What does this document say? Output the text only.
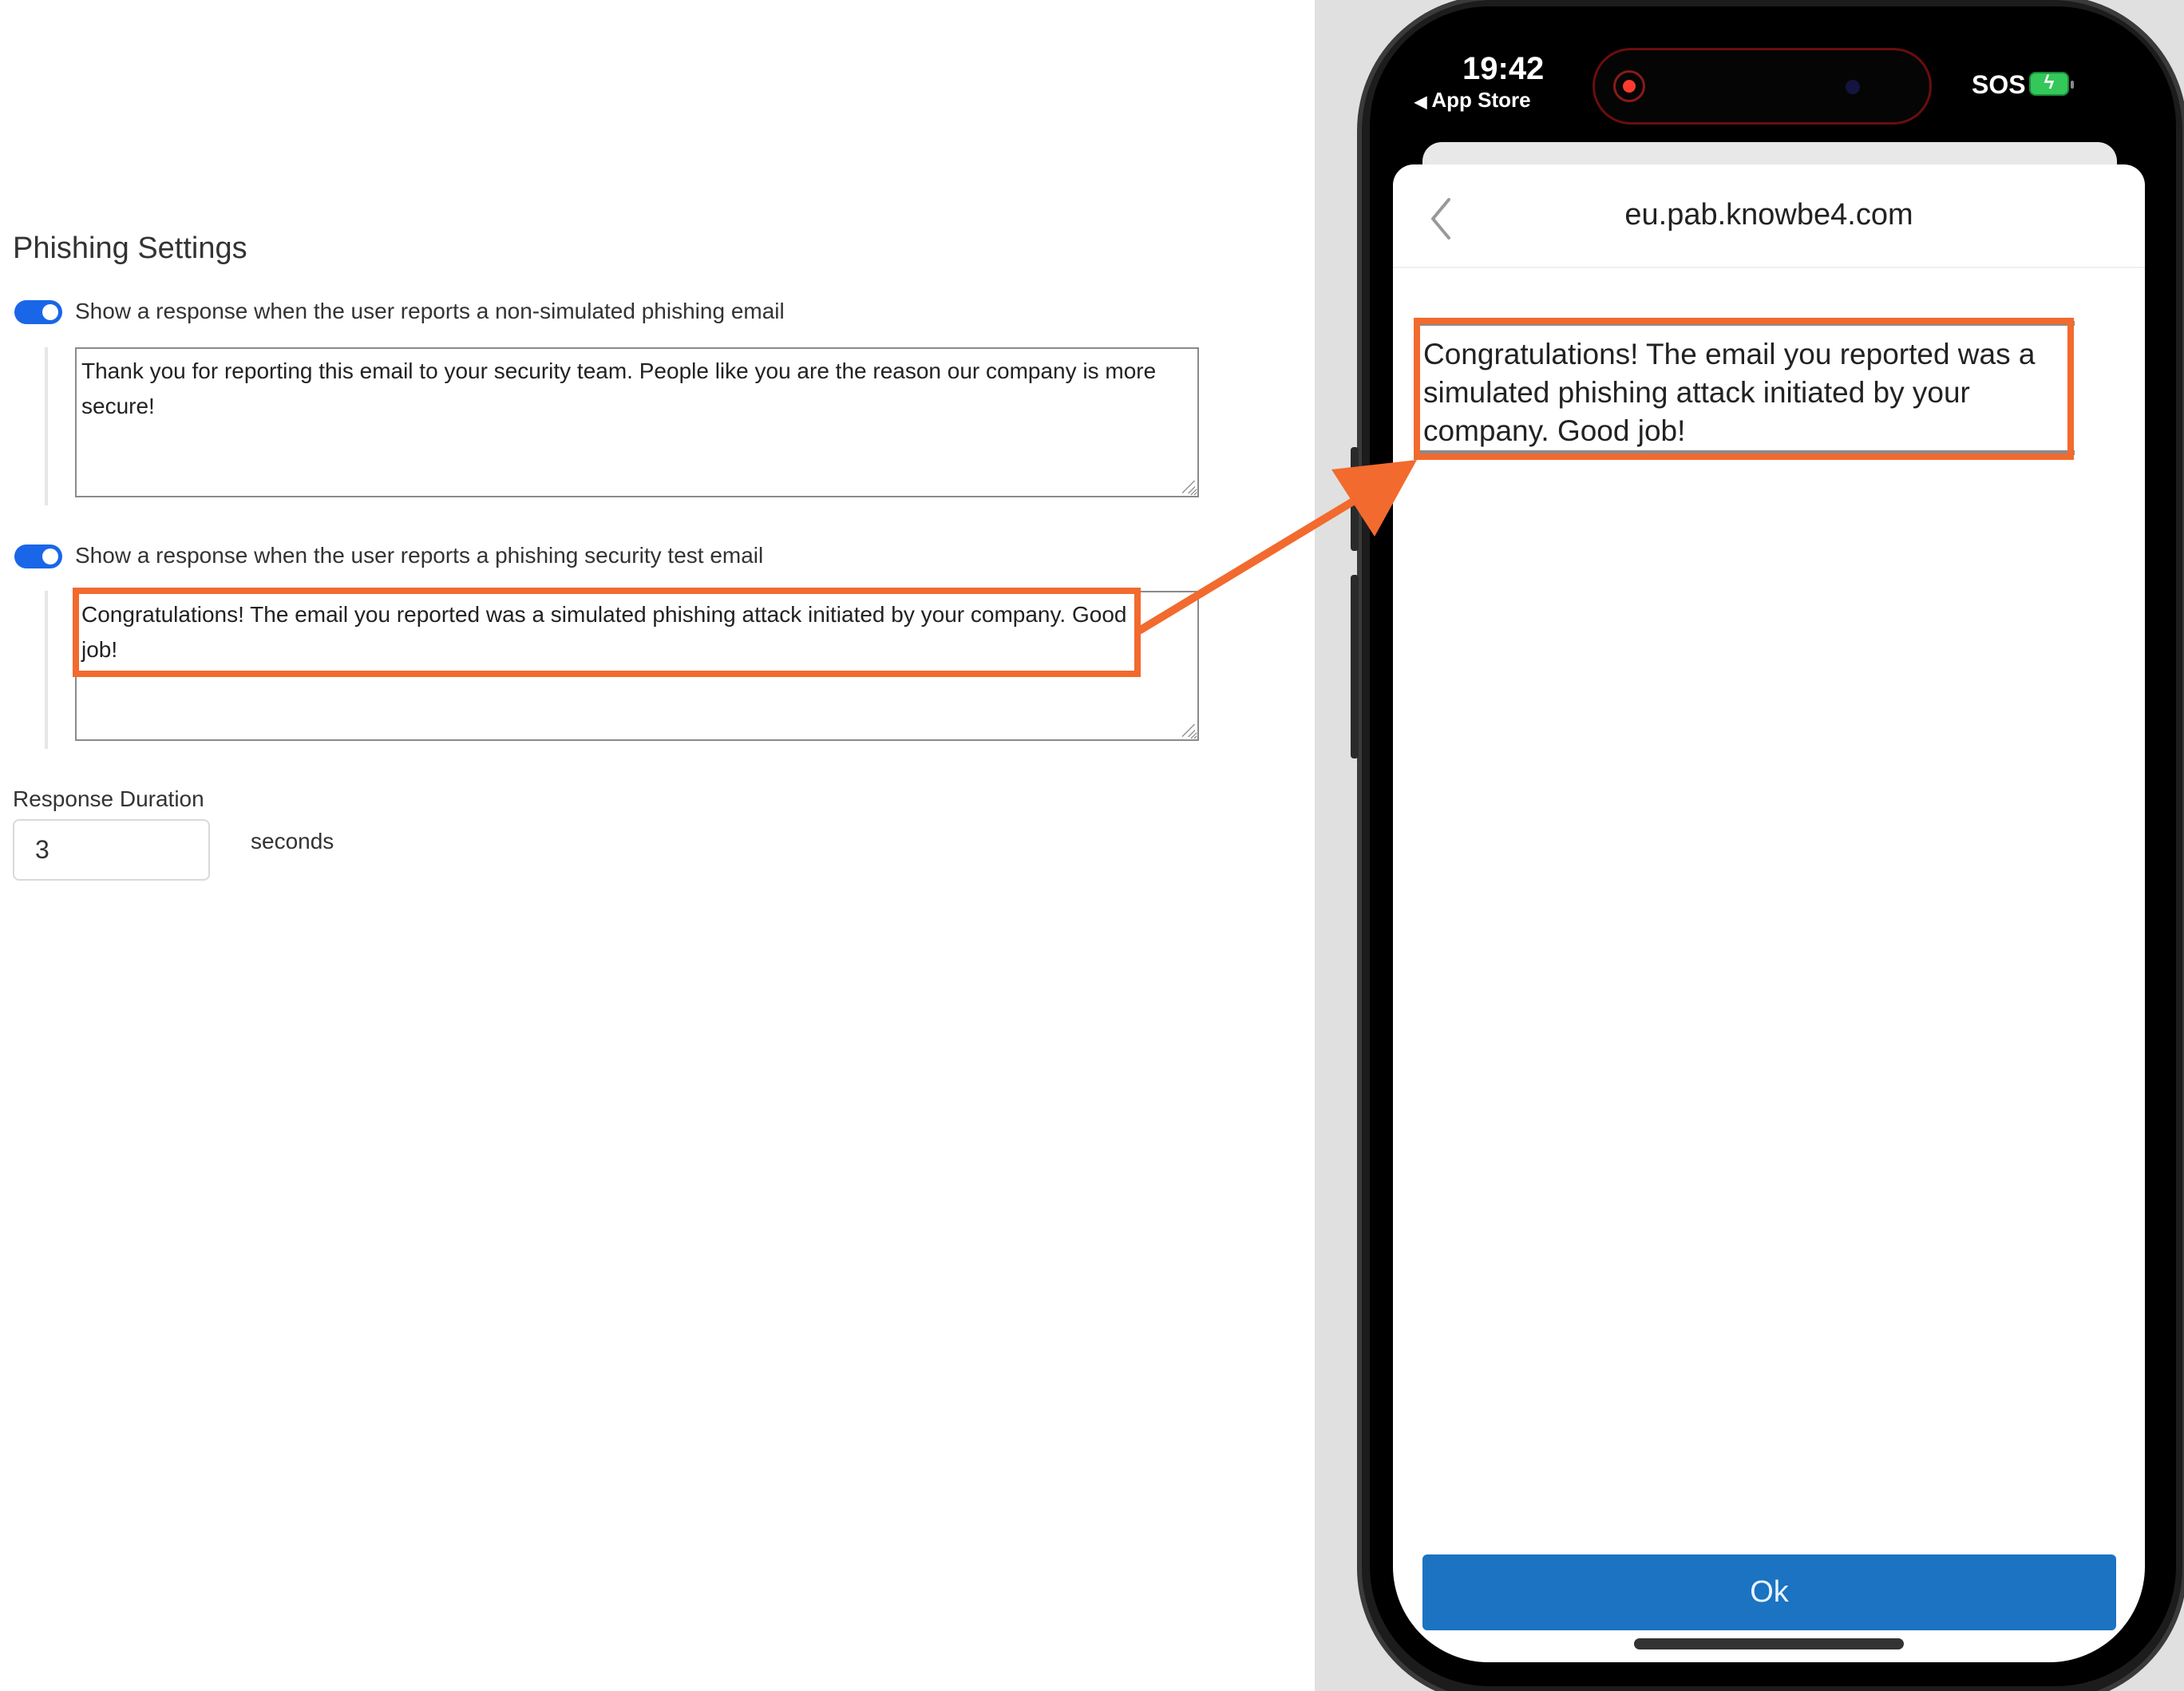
Phishing Settings
Show a response when the user reports a non-simulated phishing email
Thank you for reporting this email to your security team. People like you are the reason our company is more secure!
Show a response when the user reports a phishing security test email
Congratulations! The email you reported was a simulated phishing attack initiated by your company. Good job!
Response Duration
3	seconds
19:42
◀ App Store
SOS ϟ
eu.pab.knowbe4.com
Congratulations! The email you reported was a simulated phishing attack initiated by your company. Good job!
Ok
